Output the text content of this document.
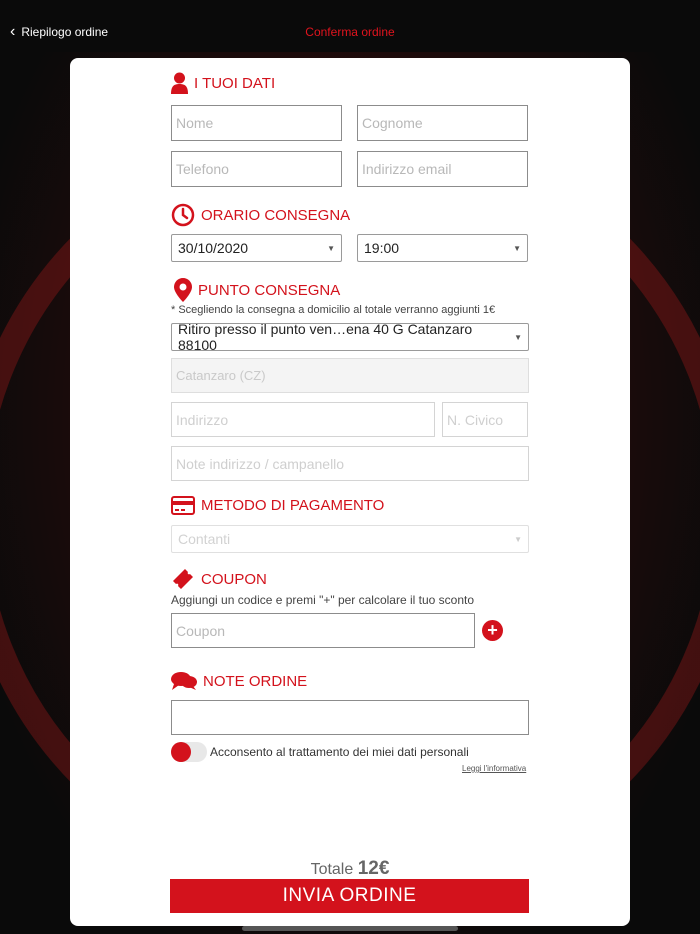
‹ Riepilogo ordine	Conferma ordine
I TUOI DATI
Nome	Cognome
Telefono	Indirizzo email
ORARIO CONSEGNA
30/10/2020	▼ 19:00	▼
PUNTO CONSEGNA
* Scegliendo la consegna a domicilio al totale verranno aggiunti 1€
Ritiro presso il punto ven…ena 40 G Catanzaro 88100	▼
Catanzaro (CZ)
Indirizzo	N. Civico
Note indirizzo / campanello
METODO DI PAGAMENTO
Contanti	▼
COUPON
Aggiungi un codice e premi "+" per calcolare il tuo sconto
Coupon	+
NOTE ORDINE
Acconsento al trattamento dei miei dati personali
Leggi l'informativa
Totale 12€
INVIA ORDINE
